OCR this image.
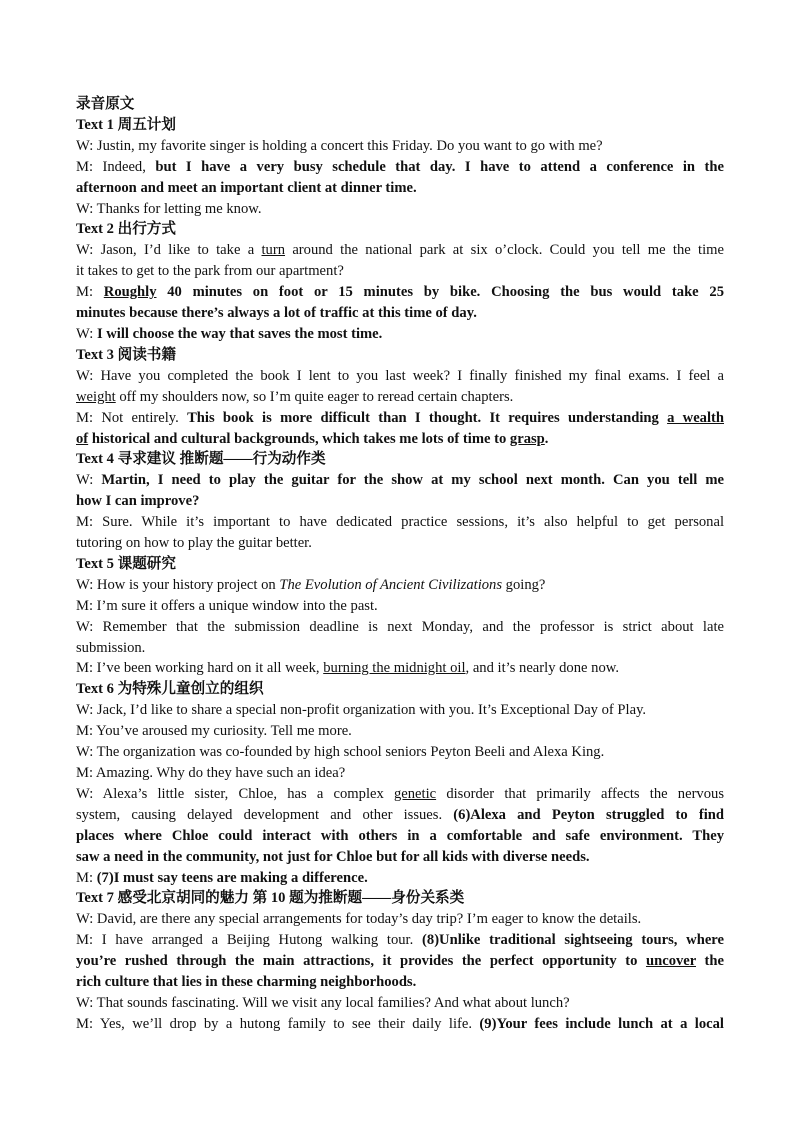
录音原文
Text 1 周五计划
W: Justin, my favorite singer is holding a concert this Friday. Do you want to go with me?
M: Indeed, but I have a very busy schedule that day. I have to attend a conference in the
afternoon and meet an important client at dinner time.
W: Thanks for letting me know.
Text 2 出行方式
W: Jason, I’d like to take a turn around the national park at six o’clock. Could you tell me the time
it takes to get to the park from our apartment?
M: Roughly 40 minutes on foot or 15 minutes by bike. Choosing the bus would take 25
minutes because there’s always a lot of traffic at this time of day.
W: I will choose the way that saves the most time.
Text 3 阅读书籍
W: Have you completed the book I lent to you last week? I finally finished my final exams. I feel a
weight off my shoulders now, so I’m quite eager to reread certain chapters.
M: Not entirely. This book is more difficult than I thought. It requires understanding a wealth
of historical and cultural backgrounds, which takes me lots of time to grasp.
Text 4 寻求建议 推断题——行为动作类
W: Martin, I need to play the guitar for the show at my school next month. Can you tell me
how I can improve?
M: Sure. While it’s important to have dedicated practice sessions, it’s also helpful to get personal
tutoring on how to play the guitar better.
Text 5 课题研究
W: How is your history project on The Evolution of Ancient Civilizations going?
M: I’m sure it offers a unique window into the past.
W: Remember that the submission deadline is next Monday, and the professor is strict about late
submission.
M: I’ve been working hard on it all week, burning the midnight oil, and it’s nearly done now.
Text 6 为特殊儿童创立的组织
W: Jack, I’d like to share a special non-profit organization with you. It’s Exceptional Day of Play.
M: You’ve aroused my curiosity. Tell me more.
W: The organization was co-founded by high school seniors Peyton Beeli and Alexa King.
M: Amazing. Why do they have such an idea?
W: Alexa’s little sister, Chloe, has a complex genetic disorder that primarily affects the nervous
system, causing delayed development and other issues. (6)Alexa and Peyton struggled to find
places where Chloe could interact with others in a comfortable and safe environment. They
saw a need in the community, not just for Chloe but for all kids with diverse needs.
M: (7)I must say teens are making a difference.
Text 7 感受北京胡同的魅力 第 10 题为推断题——身份关系类
W: David, are there any special arrangements for today’s day trip? I’m eager to know the details.
M: I have arranged a Beijing Hutong walking tour. (8)Unlike traditional sightseeing tours, where
you’re rushed through the main attractions, it provides the perfect opportunity to uncover the
rich culture that lies in these charming neighborhoods.
W: That sounds fascinating. Will we visit any local families? And what about lunch?
M: Yes, we’ll drop by a hutong family to see their daily life. (9)Your fees include lunch at a local
